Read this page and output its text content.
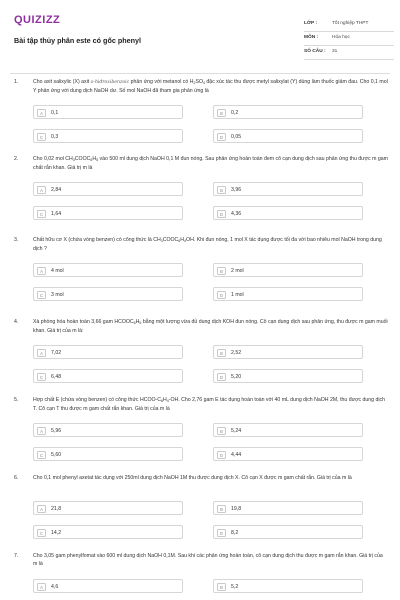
QUIZIZZ
Bài tập thủy phân este có gốc phenyl
LỚP :	Tốt nghiệp THPT
MÔN :	Hóa học
SỐ CÂU : 31
1.	Cho axit salixylic (X) axit o-hiđroxibenzoic phản ứng với metanol có $H_2SO_4$ đặc xúc tác thu được metyl salixylat (Y) dùng làm thuốc giảm đau. Cho 0,1 mol Y phản ứng với dung dịch NaOH dư. Số mol NaOH đã tham gia phản ứng là
A	0,1	B	0,2
C	0,3	D	0,05
2.	Cho 0,02 mol $CH_3COOC_6H_5$ vào 500 ml dung dịch NaOH 0,1 M đun nóng. Sau phản ứng hoàn toàn đem cô cạn dung dịch sau phản ứng thu được m gam chất rắn khan. Giá trị m là
A	2,84	B	3,96
C	1,64	D	4,36
3.	Chất hữu cơ X (chứa vòng benzen) có công thức là $CH_3COOC_6H_4OH$. Khi đun nóng, 1 mol X tác dụng được tối đa với bao nhiêu mol NaOH trong dung dịch ?
A	4 mol	B	2 mol
C	3 mol	D	1 mol
4.	Xà phòng hóa hoàn toàn 3,66 gam $HCOOC_6H_5$ bằng một lượng vừa đủ dung dịch KOH đun nóng. Cô cạn dung dịch sau phản ứng, thu được m gam muối khan. Giá trị của m là:
A	7,02	B	2,52
C	6,48	D	5,20
5.	Hợp chất E (chứa vòng benzen) có công thức HCOO-$C_6H_4-OH$. Cho 2,76 gam E tác dụng hoàn toàn với 40 mL dung dịch NaOH 2M, thu được dung dịch T. Cô cạn T thu được m gam chất rắn khan. Giá trị của m là
A	5,96	B	5,24
C	5,60	D	4,44
6.	Cho 0,1 mol phenyl axetat tác dụng với 250ml dung dịch NaOH 1M thu được dung dịch X. Cô cạn X được m gam chất rắn. Giá trị của m là
A	21,8	B	19,8
C	14,2	D	8,2
7.	Cho 3,05 gam phenylfomat vào 600 ml dung dịch NaOH 0,1M. Sau khi các phản ứng hoàn toàn, cô cạn dung dịch thu được m gam rắn khan. Giá trị của m là
A	4,6	B	5,2
